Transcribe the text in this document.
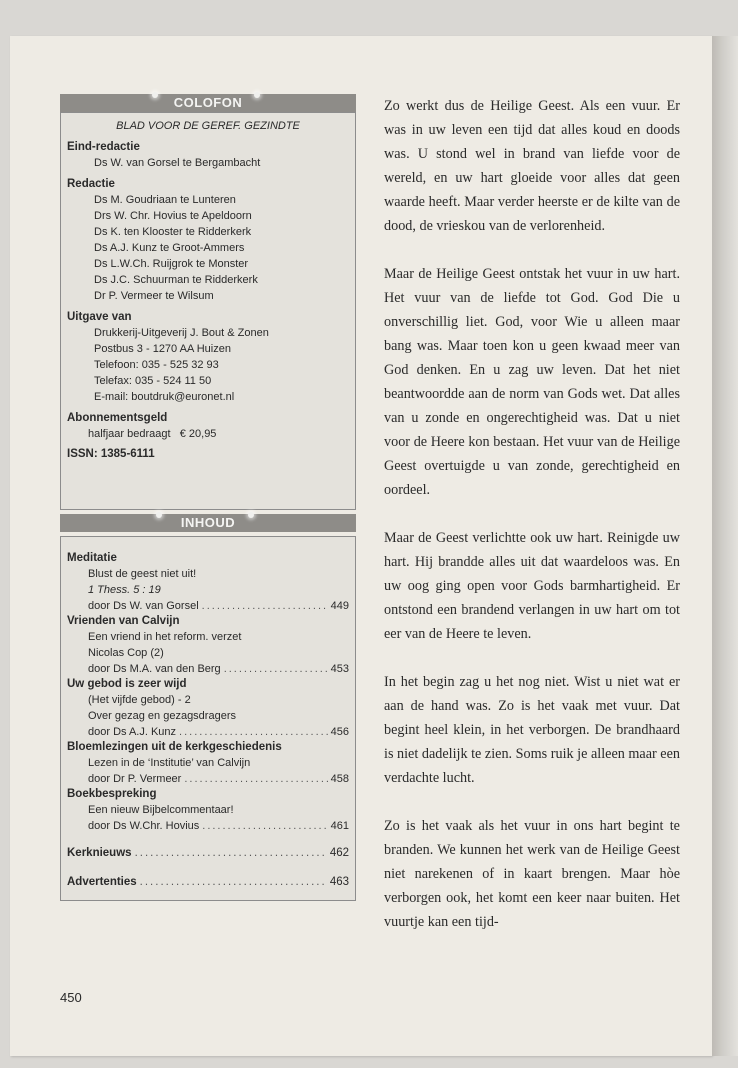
COLOFON
BLAD VOOR DE GEREF. GEZINDTE
Eind-redactie
Ds W. van Gorsel te Bergambacht
Redactie
Ds M. Goudriaan te Lunteren
Drs W. Chr. Hovius te Apeldoorn
Ds K. ten Klooster te Ridderkerk
Ds A.J. Kunz te Groot-Ammers
Ds L.W.Ch. Ruijgrok te Monster
Ds J.C. Schuurman te Ridderkerk
Dr P. Vermeer te Wilsum
Uitgave van
Drukkerij-Uitgeverij J. Bout & Zonen
Postbus 3 - 1270 AA Huizen
Telefoon: 035 - 525 32 93
Telefax: 035 - 524 11 50
E-mail: boutdruk@euronet.nl
Abonnementsgeld
halfjaar bedraagt   € 20,95
ISSN: 1385-6111
INHOUD
Meditatie
Blust de geest niet uit!
1 Thess. 5 : 19
door Ds W. van Gorsel .....	449
Vrienden van Calvijn
Een vriend in het reform. verzet
Nicolas Cop (2)
door Ds M.A. van den Berg .....	453
Uw gebod is zeer wijd
(Het vijfde gebod) - 2
Over gezag en gezagsdragers
door Ds A.J. Kunz .....	456
Bloemlezingen uit de kerkgeschiedenis
Lezen in de ‘Institutie’ van Calvijn
door Dr P. Vermeer .....	458
Boekbespreking
Een nieuw Bijbelcommentaar!
door Ds W.Chr. Hovius .....	461
Kerknieuws .....	462
Advertenties .....	463
450

Zo werkt dus de Heilige Geest. Als een vuur. Er was in uw leven een tijd dat alles koud en doods was. U stond wel in brand van liefde voor de wereld, en uw hart gloeide voor alles dat geen waarde heeft. Maar verder heerste er de kilte van de dood, de vrieskou van de verlorenheid.

Maar de Heilige Geest ontstak het vuur in uw hart. Het vuur van de liefde tot God. God Die u onverschillig liet. God, voor Wie u alleen maar bang was. Maar toen kon u geen kwaad meer van God denken. En u zag uw leven. Dat het niet beantwoordde aan de norm van Gods wet. Dat alles van u zonde en ongerechtigheid was. Dat u niet voor de Heere kon bestaan. Het vuur van de Heilige Geest overtuigde u van zonde, gerechtigheid en oordeel.

Maar de Geest verlichtte ook uw hart. Reinigde uw hart. Hij brandde alles uit dat waardeloos was. En uw oog ging open voor Gods barmhartigheid. Er ontstond een brandend verlangen in uw hart om tot eer van de Heere te leven.

In het begin zag u het nog niet. Wist u niet wat er aan de hand was. Zo is het vaak met vuur. Dat begint heel klein, in het verborgen. De brandhaard is niet dadelijk te zien. Soms ruik je alleen maar een verdachte lucht.

Zo is het vaak als het vuur in ons hart begint te branden. We kunnen het werk van de Heilige Geest niet narekenen of in kaart brengen. Maar hòe verborgen ook, het komt een keer naar buiten. Het vuurtje kan een tijd-
